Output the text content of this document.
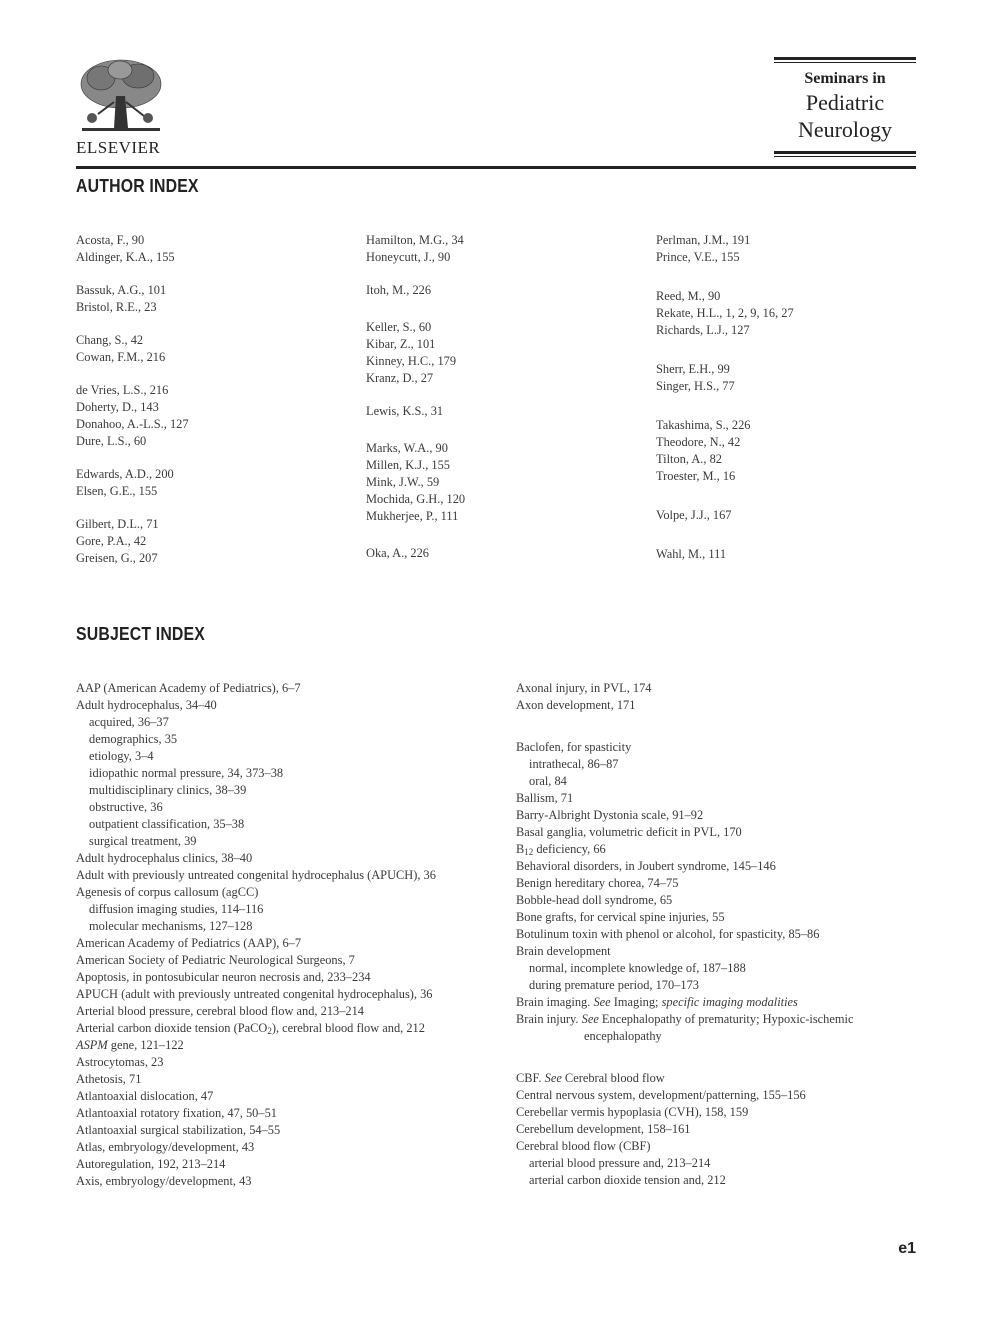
ELSEVIER
Seminars in
Pediatric
Neurology
AUTHOR INDEX
Acosta, F., 90
Aldinger, K.A., 155
Bassuk, A.G., 101
Bristol, R.E., 23
Chang, S., 42
Cowan, F.M., 216
de Vries, L.S., 216
Doherty, D., 143
Donahoo, A.-L.S., 127
Dure, L.S., 60
Edwards, A.D., 200
Elsen, G.E., 155
Gilbert, D.L., 71
Gore, P.A., 42
Greisen, G., 207
Hamilton, M.G., 34
Honeycutt, J., 90
Itoh, M., 226
Keller, S., 60
Kibar, Z., 101
Kinney, H.C., 179
Kranz, D., 27
Lewis, K.S., 31
Marks, W.A., 90
Millen, K.J., 155
Mink, J.W., 59
Mochida, G.H., 120
Mukherjee, P., 111
Oka, A., 226
Perlman, J.M., 191
Prince, V.E., 155
Reed, M., 90
Rekate, H.L., 1, 2, 9, 16, 27
Richards, L.J., 127
Sherr, E.H., 99
Singer, H.S., 77
Takashima, S., 226
Theodore, N., 42
Tilton, A., 82
Troester, M., 16
Volpe, J.J., 167
Wahl, M., 111
SUBJECT INDEX
AAP (American Academy of Pediatrics), 6–7
Adult hydrocephalus, 34–40
acquired, 36–37
demographics, 35
etiology, 3–4
idiopathic normal pressure, 34, 373–38
multidisciplinary clinics, 38–39
obstructive, 36
outpatient classification, 35–38
surgical treatment, 39
Adult hydrocephalus clinics, 38–40
Adult with previously untreated congenital hydrocephalus (APUCH), 36
Agenesis of corpus callosum (agCC)
diffusion imaging studies, 114–116
molecular mechanisms, 127–128
American Academy of Pediatrics (AAP), 6–7
American Society of Pediatric Neurological Surgeons, 7
Apoptosis, in pontosubicular neuron necrosis and, 233–234
APUCH (adult with previously untreated congenital hydrocephalus), 36
Arterial blood pressure, cerebral blood flow and, 213–214
Arterial carbon dioxide tension (PaCO$_2$), cerebral blood flow and, 212
ASPM gene, 121–122
Astrocytomas, 23
Athetosis, 71
Atlantoaxial dislocation, 47
Atlantoaxial rotatory fixation, 47, 50–51
Atlantoaxial surgical stabilization, 54–55
Atlas, embryology/development, 43
Autoregulation, 192, 213–214
Axis, embryology/development, 43
Axonal injury, in PVL, 174
Axon development, 171
Baclofen, for spasticity
intrathecal, 86–87
oral, 84
Ballism, 71
Barry-Albright Dystonia scale, 91–92
Basal ganglia, volumetric deficit in PVL, 170
$B_{12}$ deficiency, 66
Behavioral disorders, in Joubert syndrome, 145–146
Benign hereditary chorea, 74–75
Bobble-head doll syndrome, 65
Bone grafts, for cervical spine injuries, 55
Botulinum toxin with phenol or alcohol, for spasticity, 85–86
Brain development
normal, incomplete knowledge of, 187–188
during premature period, 170–173
Brain imaging. See Imaging; specific imaging modalities
Brain injury. See Encephalopathy of prematurity; Hypoxic-ischemic encephalopathy
CBF. See Cerebral blood flow
Central nervous system, development/patterning, 155–156
Cerebellar vermis hypoplasia (CVH), 158, 159
Cerebellum development, 158–161
Cerebral blood flow (CBF)
arterial blood pressure and, 213–214
arterial carbon dioxide tension and, 212
e1
